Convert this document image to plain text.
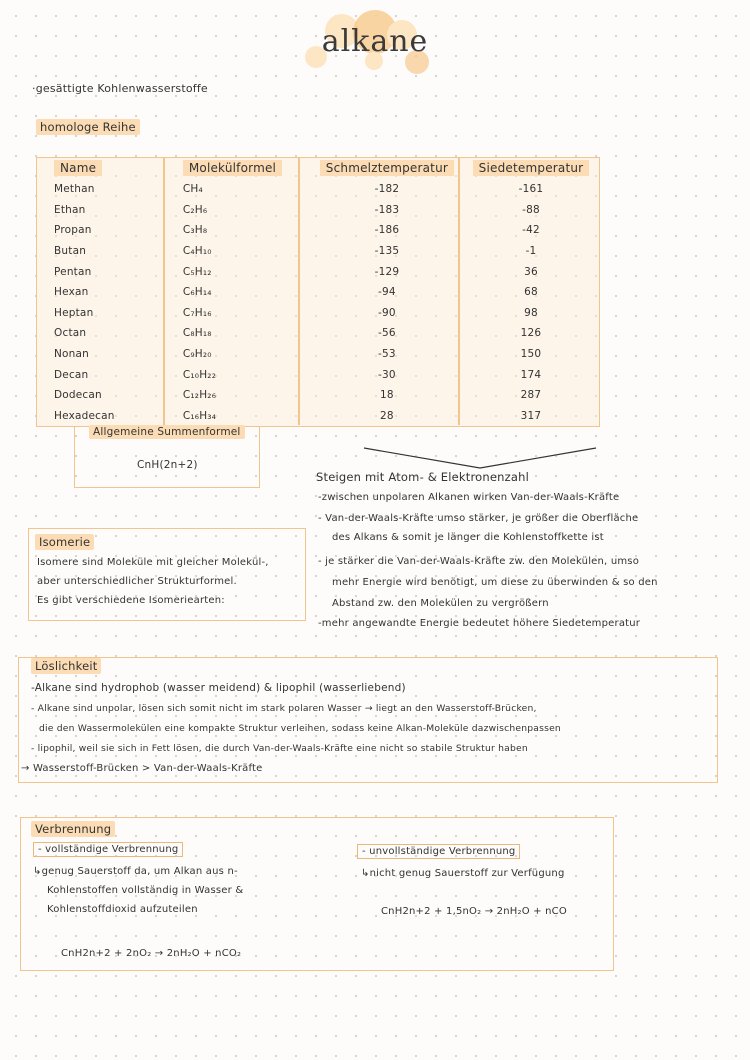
alkane
·gesättigte Kohlenwasserstoffe
homologe Reihe
Name	Molekülformel	Schmelztemperatur	Siedetemperatur
Methan	CH₄	-182	-161
Ethan	C₂H₆	-183	-88
Propan	C₃H₈	-186	-42
Butan	C₄H₁₀	-135	-1
Pentan	C₅H₁₂	-129	36
Hexan	C₆H₁₄	-94	68
Heptan	C₇H₁₆	-90	98
Octan	C₈H₁₈	-56	126
Nonan	C₉H₂₀	-53	150
Decan	C₁₀H₂₂	-30	174
Dodecan	C₁₂H₂₆	18	287
Hexadecan	C₁₆H₃₄	28	317
Allgemeine Summenformel
CnH(2n+2)
Steigen mit Atom- & Elektronenzahl
-zwischen unpolaren Alkanen wirken Van-der-Waals-Kräfte
- Van-der-Waals-Kräfte umso stärker, je größer die Oberfläche
des Alkans & somit je länger die Kohlenstoffkette ist
- je stärker die Van-der-Waals-Kräfte zw. den Molekülen, umso
mehr Energie wird benötigt, um diese zu überwinden & so den
Abstand zw. den Molekülen zu vergrößern
-mehr angewandte Energie bedeutet höhere Siedetemperatur
Isomerie
Isomere sind Moleküle mit gleicher Molekül-,
aber unterschiedlicher Strukturformel.
Es gibt verschiedene Isomeriearten:
Löslichkeit
-Alkane sind hydrophob (wasser meidend) & lipophil (wasserliebend)
- Alkane sind unpolar, lösen sich somit nicht im stark polaren Wasser → liegt an den Wasserstoff-Brücken,
die den Wassermolekülen eine kompakte Struktur verleihen, sodass keine Alkan-Moleküle dazwischenpassen
- lipophil, weil sie sich in Fett lösen, die durch Van-der-Waals-Kräfte eine nicht so stabile Struktur haben
→ Wasserstoff-Brücken > Van-der-Waals-Kräfte
Verbrennung
- vollständige Verbrennung
↳genug Sauerstoff da, um Alkan aus n-
Kohlenstoffen vollständig in Wasser &
Kohlenstoffdioxid aufzuteilen
CnH2n+2 + 2nO₂ → 2nH₂O + nCO₂
- unvollständige Verbrennung
↳nicht genug Sauerstoff zur Verfügung
CnH2n+2 + 1,5nO₂ → 2nH₂O + nCO
